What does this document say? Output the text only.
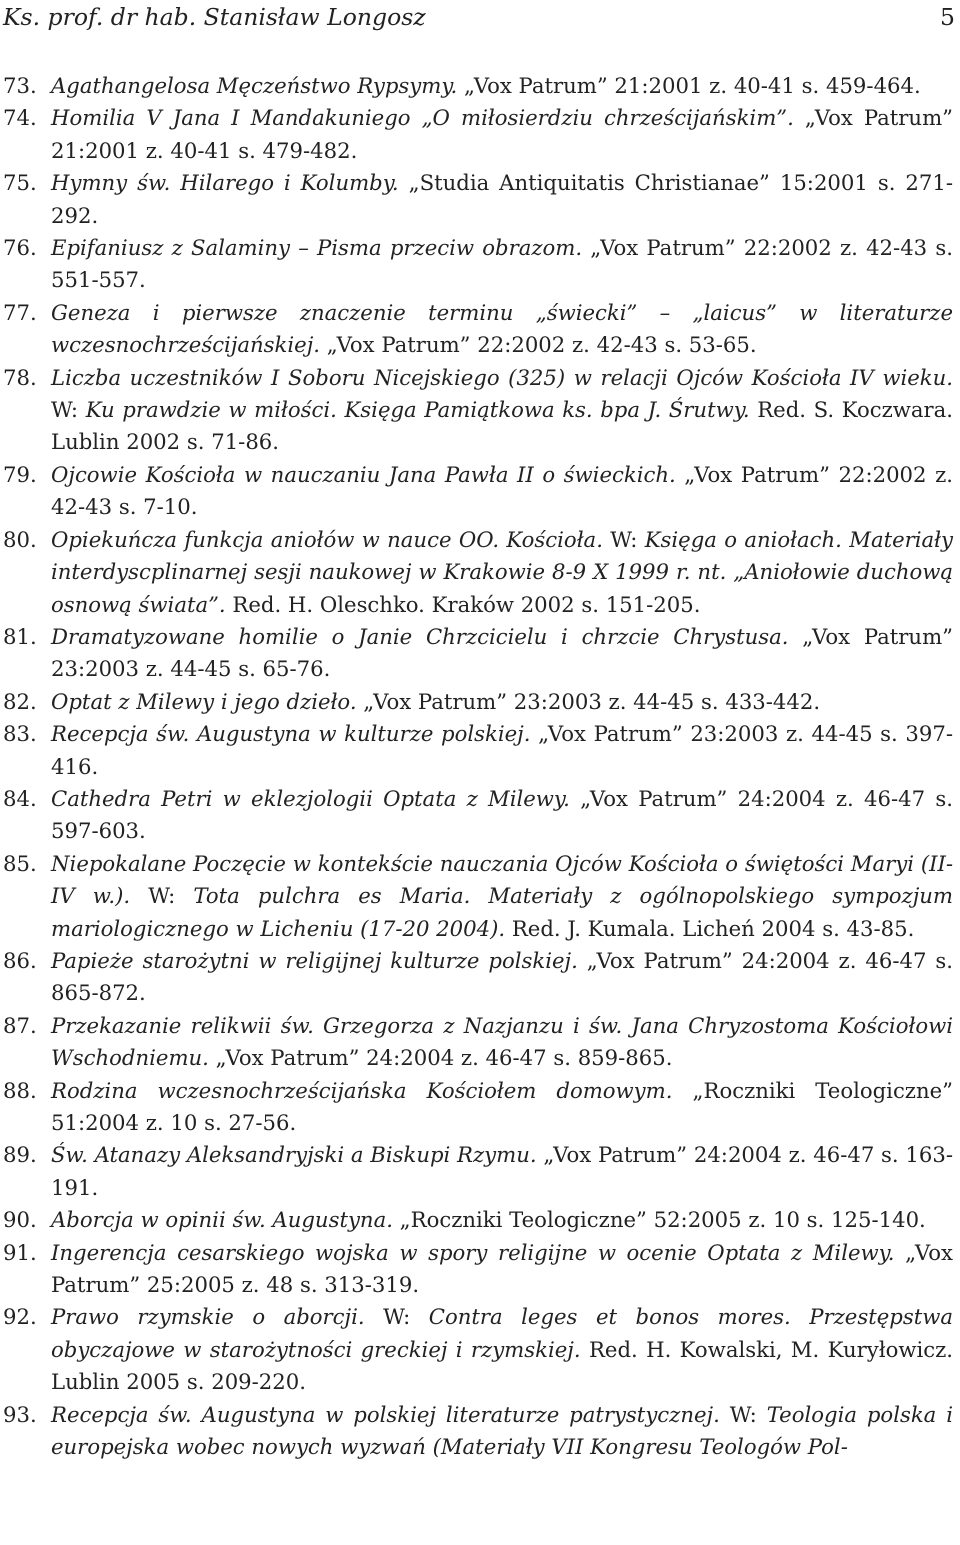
Ks. prof. dr hab. Stanisław Longosz	5
73. Agathangelosa Męczeństwo Rypsymy. „Vox Patrum” 21:2001 z. 40-41 s. 459-464.
74. Homilia V Jana I Mandakuniego „O miłosierdziu chrześcijańskim”. „Vox Patrum” 21:2001 z. 40-41 s. 479-482.
75. Hymny św. Hilarego i Kolumby. „Studia Antiquitatis Christianae” 15:2001 s. 271-292.
76. Epifaniusz z Salaminy – Pisma przeciw obrazom. „Vox Patrum” 22:2002 z. 42-43 s. 551-557.
77. Geneza i pierwsze znaczenie terminu „świecki” – „laicus” w literaturze wczesnochrześcijańskiej. „Vox Patrum” 22:2002 z. 42-43 s. 53-65.
78. Liczba uczestników I Soboru Nicejskiego (325) w relacji Ojców Kościoła IV wieku. W: Ku prawdzie w miłości. Księga Pamiątkowa ks. bpa J. Śrutwy. Red. S. Koczwara. Lublin 2002 s. 71-86.
79. Ojcowie Kościoła w nauczaniu Jana Pawła II o świeckich. „Vox Patrum” 22:2002 z. 42-43 s. 7-10.
80. Opiekuńcza funkcja aniołów w nauce OO. Kościoła. W: Księga o aniołach. Materiały interdyscplinarnej sesji naukowej w Krakowie 8-9 X 1999 r. nt. „Aniołowie duchową osnową świata”. Red. H. Oleschko. Kraków 2002 s. 151-205.
81. Dramatyzowane homilie o Janie Chrzcicielu i chrzcie Chrystusa. „Vox Patrum” 23:2003 z. 44-45 s. 65-76.
82. Optat z Milewy i jego dzieło. „Vox Patrum” 23:2003 z. 44-45 s. 433-442.
83. Recepcja św. Augustyna w kulturze polskiej. „Vox Patrum” 23:2003 z. 44-45 s. 397-416.
84. Cathedra Petri w eklezjologii Optata z Milewy. „Vox Patrum” 24:2004 z. 46-47 s. 597-603.
85. Niepokalane Poczęcie w kontekście nauczania Ojców Kościoła o świętości Maryi (II-IV w.). W: Tota pulchra es Maria. Materiały z ogólnopolskiego sympozjum mariologicznego w Licheniu (17-20 2004). Red. J. Kumala. Licheń 2004 s. 43-85.
86. Papieże starożytni w religijnej kulturze polskiej. „Vox Patrum” 24:2004 z. 46-47 s. 865-872.
87. Przekazanie relikwii św. Grzegorza z Nazjanzu i św. Jana Chryzostoma Kościołowi Wschodniemu. „Vox Patrum” 24:2004 z. 46-47 s. 859-865.
88. Rodzina wczesnochrześcijańska Kościołem domowym. „Roczniki Teologiczne” 51:2004 z. 10 s. 27-56.
89. Św. Atanazy Aleksandryjski a Biskupi Rzymu. „Vox Patrum” 24:2004 z. 46-47 s. 163-191.
90. Aborcja w opinii św. Augustyna. „Roczniki Teologiczne” 52:2005 z. 10 s. 125-140.
91. Ingerencja cesarskiego wojska w spory religijne w ocenie Optata z Milewy. „Vox Patrum” 25:2005 z. 48 s. 313-319.
92. Prawo rzymskie o aborcji. W: Contra leges et bonos mores. Przestępstwa obyczajowe w starożytności greckiej i rzymskiej. Red. H. Kowalski, M. Kuryłowicz. Lublin 2005 s. 209-220.
93. Recepcja św. Augustyna w polskiej literaturze patrystycznej. W: Teologia polska i europejska wobec nowych wyzwań (Materiały VII Kongresu Teologów Pol-
